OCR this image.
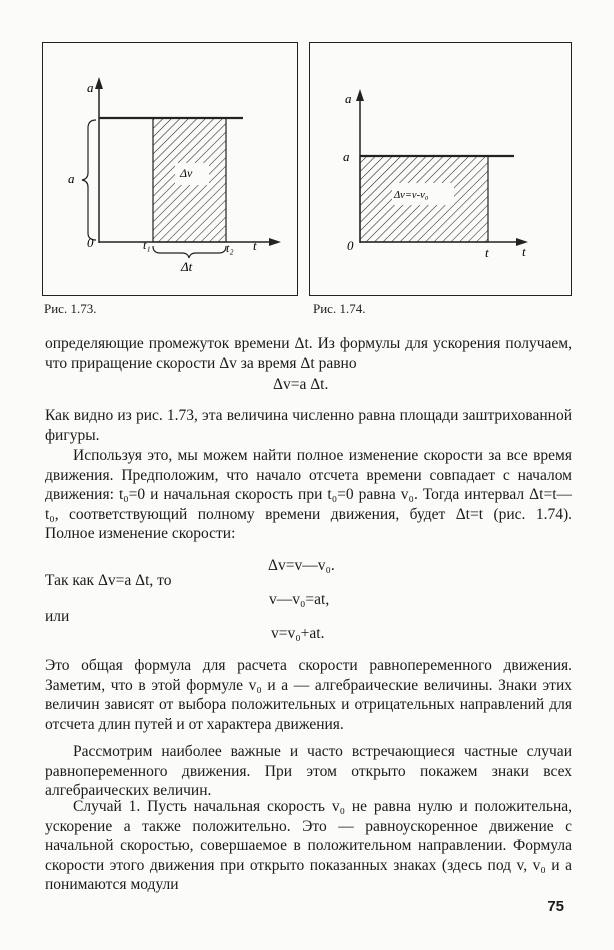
a
a
0	t
t₁	t₂
Δv
Δt
Рис. 1.73.
a
a
0	t
t
Δv=v-v₀
Рис. 1.74.
определяющие промежуток времени Δt. Из формулы для ускорения получаем, что приращение скорости Δv за время Δt равно
Δv=a Δt.
Как видно из рис. 1.73, эта величина численно равна площади заштрихованной фигуры.
Используя это, мы можем найти полное изменение скорости за все время движения. Предположим, что начало отсчета времени совпадает с началом движения: t₀=0 и начальная скорость при t₀=0 равна v₀. Тогда интервал Δt=t—t₀, соответствующий полному времени движения, будет Δt=t (рис. 1.74). Полное изменение скорости:
Δv=v—v₀.
Так как Δv=a Δt, то
v—v₀=at,
или
v=v₀+at.
Это общая формула для расчета скорости равнопеременного движения. Заметим, что в этой формуле v₀ и a — алгебраические величины. Знаки этих величин зависят от выбора положительных и отрицательных направлений для отсчета длин путей и от характера движения.
Рассмотрим наиболее важные и часто встречающиеся частные случаи равнопеременного движения. При этом открыто покажем знаки всех алгебраических величин.
Случай 1. Пусть начальная скорость v₀ не равна нулю и положительна, ускорение a также положительно. Это — равноускоренное движение с начальной скоростью, совершаемое в положительном направлении. Формула скорости этого движения при открыто показанных знаках (здесь под v, v₀ и a понимаются модули
75
